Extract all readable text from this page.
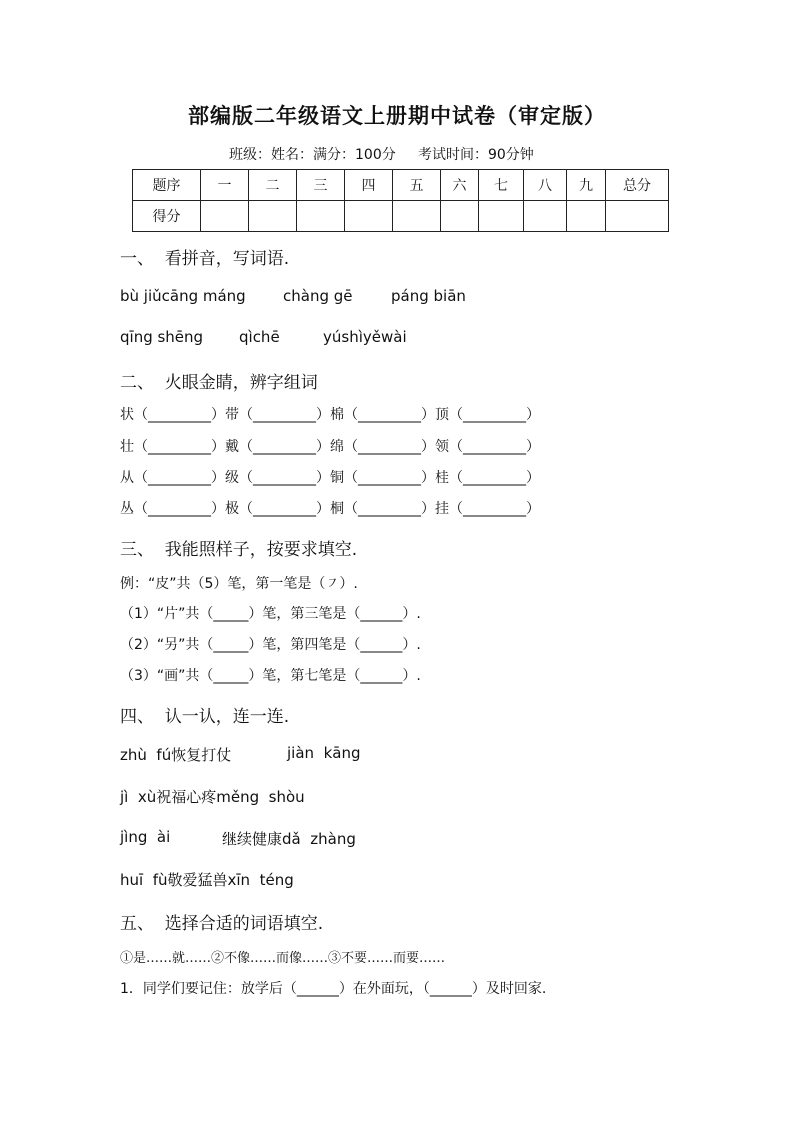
部编版二年级语文上册期中试卷（审定版）
班级：姓名：满分：100分     考试时间：90分钟
题序	一	二	三	四	五	六	七	八	九	总分
得分										
一、  看拼音，写词语.
bù jiǔcāng máng chàng gē	páng biān
qīng shēng qìchē	yúshìyěwài
二、  火眼金睛，辨字组词
状（_________）带（_________）棉（_________）顶（_________）
壮（_________）戴（_________）绵（_________）领（_________）
从（_________）级（_________）铜（_________）桂（_________）
丛（_________）极（_________）桐（_________）挂（_________）
三、  我能照样子，按要求填空.
例：“皮”共（5）笔，第一笔是（㇇）.
（1）“片”共（_____）笔，第三笔是（______）.
（2）“另”共（_____）笔，第四笔是（______）.
（3）“画”共（_____）笔，第七笔是（______）.
四、  认一认，连一连.
zhù  fú恢复打仗	jiàn  kāng
jì  xù祝福心疼měng  shòu
jìng  ài	继续健康dǎ  zhàng
huī  fù敬爱猛兽xīn  téng
五、  选择合适的词语填空.
①是……就……②不像……而像……③不要……而要……
1．同学们要记住：放学后（______）在外面玩，（______）及时回家.
